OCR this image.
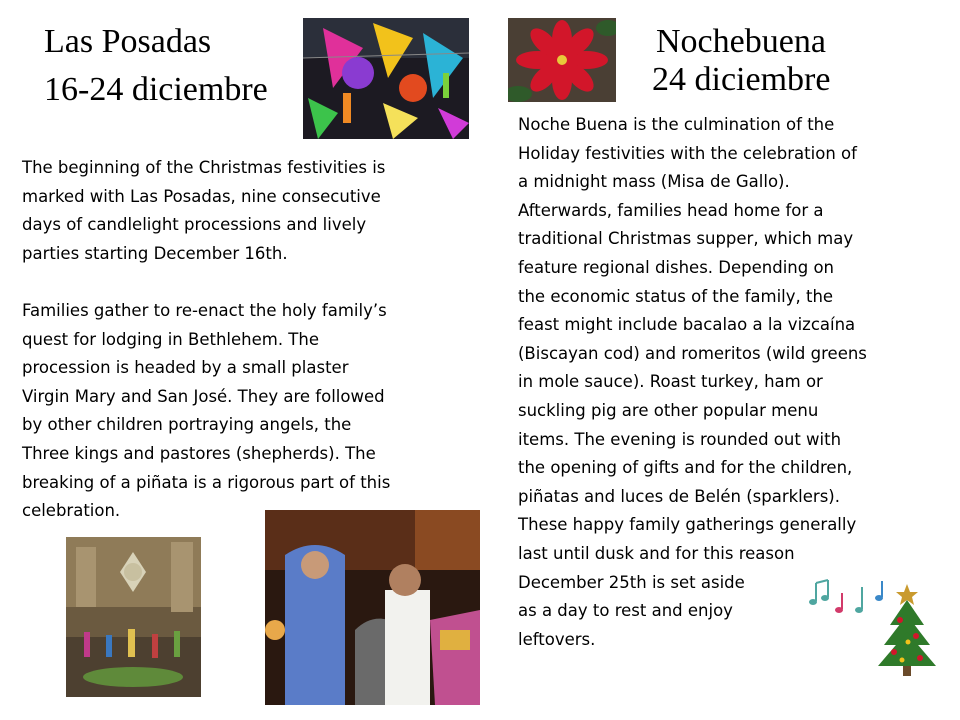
Las Posadas
16-24 diciembre
Nochebuena
24 diciembre
The beginning of the Christmas festivities is
marked with Las Posadas, nine consecutive
days of candlelight processions and lively
parties starting December 16th.
Families gather to re-enact the holy family’s
quest for lodging in Bethlehem. The
procession is headed by a small plaster
Virgin Mary and San José. They are followed
by other children portraying angels, the
Three kings and pastores (shepherds). The
breaking of a piñata is a rigorous part of this
celebration.
Noche Buena is the culmination of the
Holiday festivities with the celebration of
a midnight mass (Misa de Gallo).
Afterwards, families head home for a
traditional Christmas supper, which may
feature regional dishes. Depending on
the economic status of the family, the
feast might include bacalao a la vizcaína
(Biscayan cod) and romeritos (wild greens
in mole sauce). Roast turkey, ham or
suckling pig are other popular menu
items. The evening is rounded out with
the opening of gifts and for the children,
piñatas and luces de Belén (sparklers).
These happy family gatherings generally
last until dusk and for this reason
December 25th is set aside
as a day to rest and enjoy
leftovers.
